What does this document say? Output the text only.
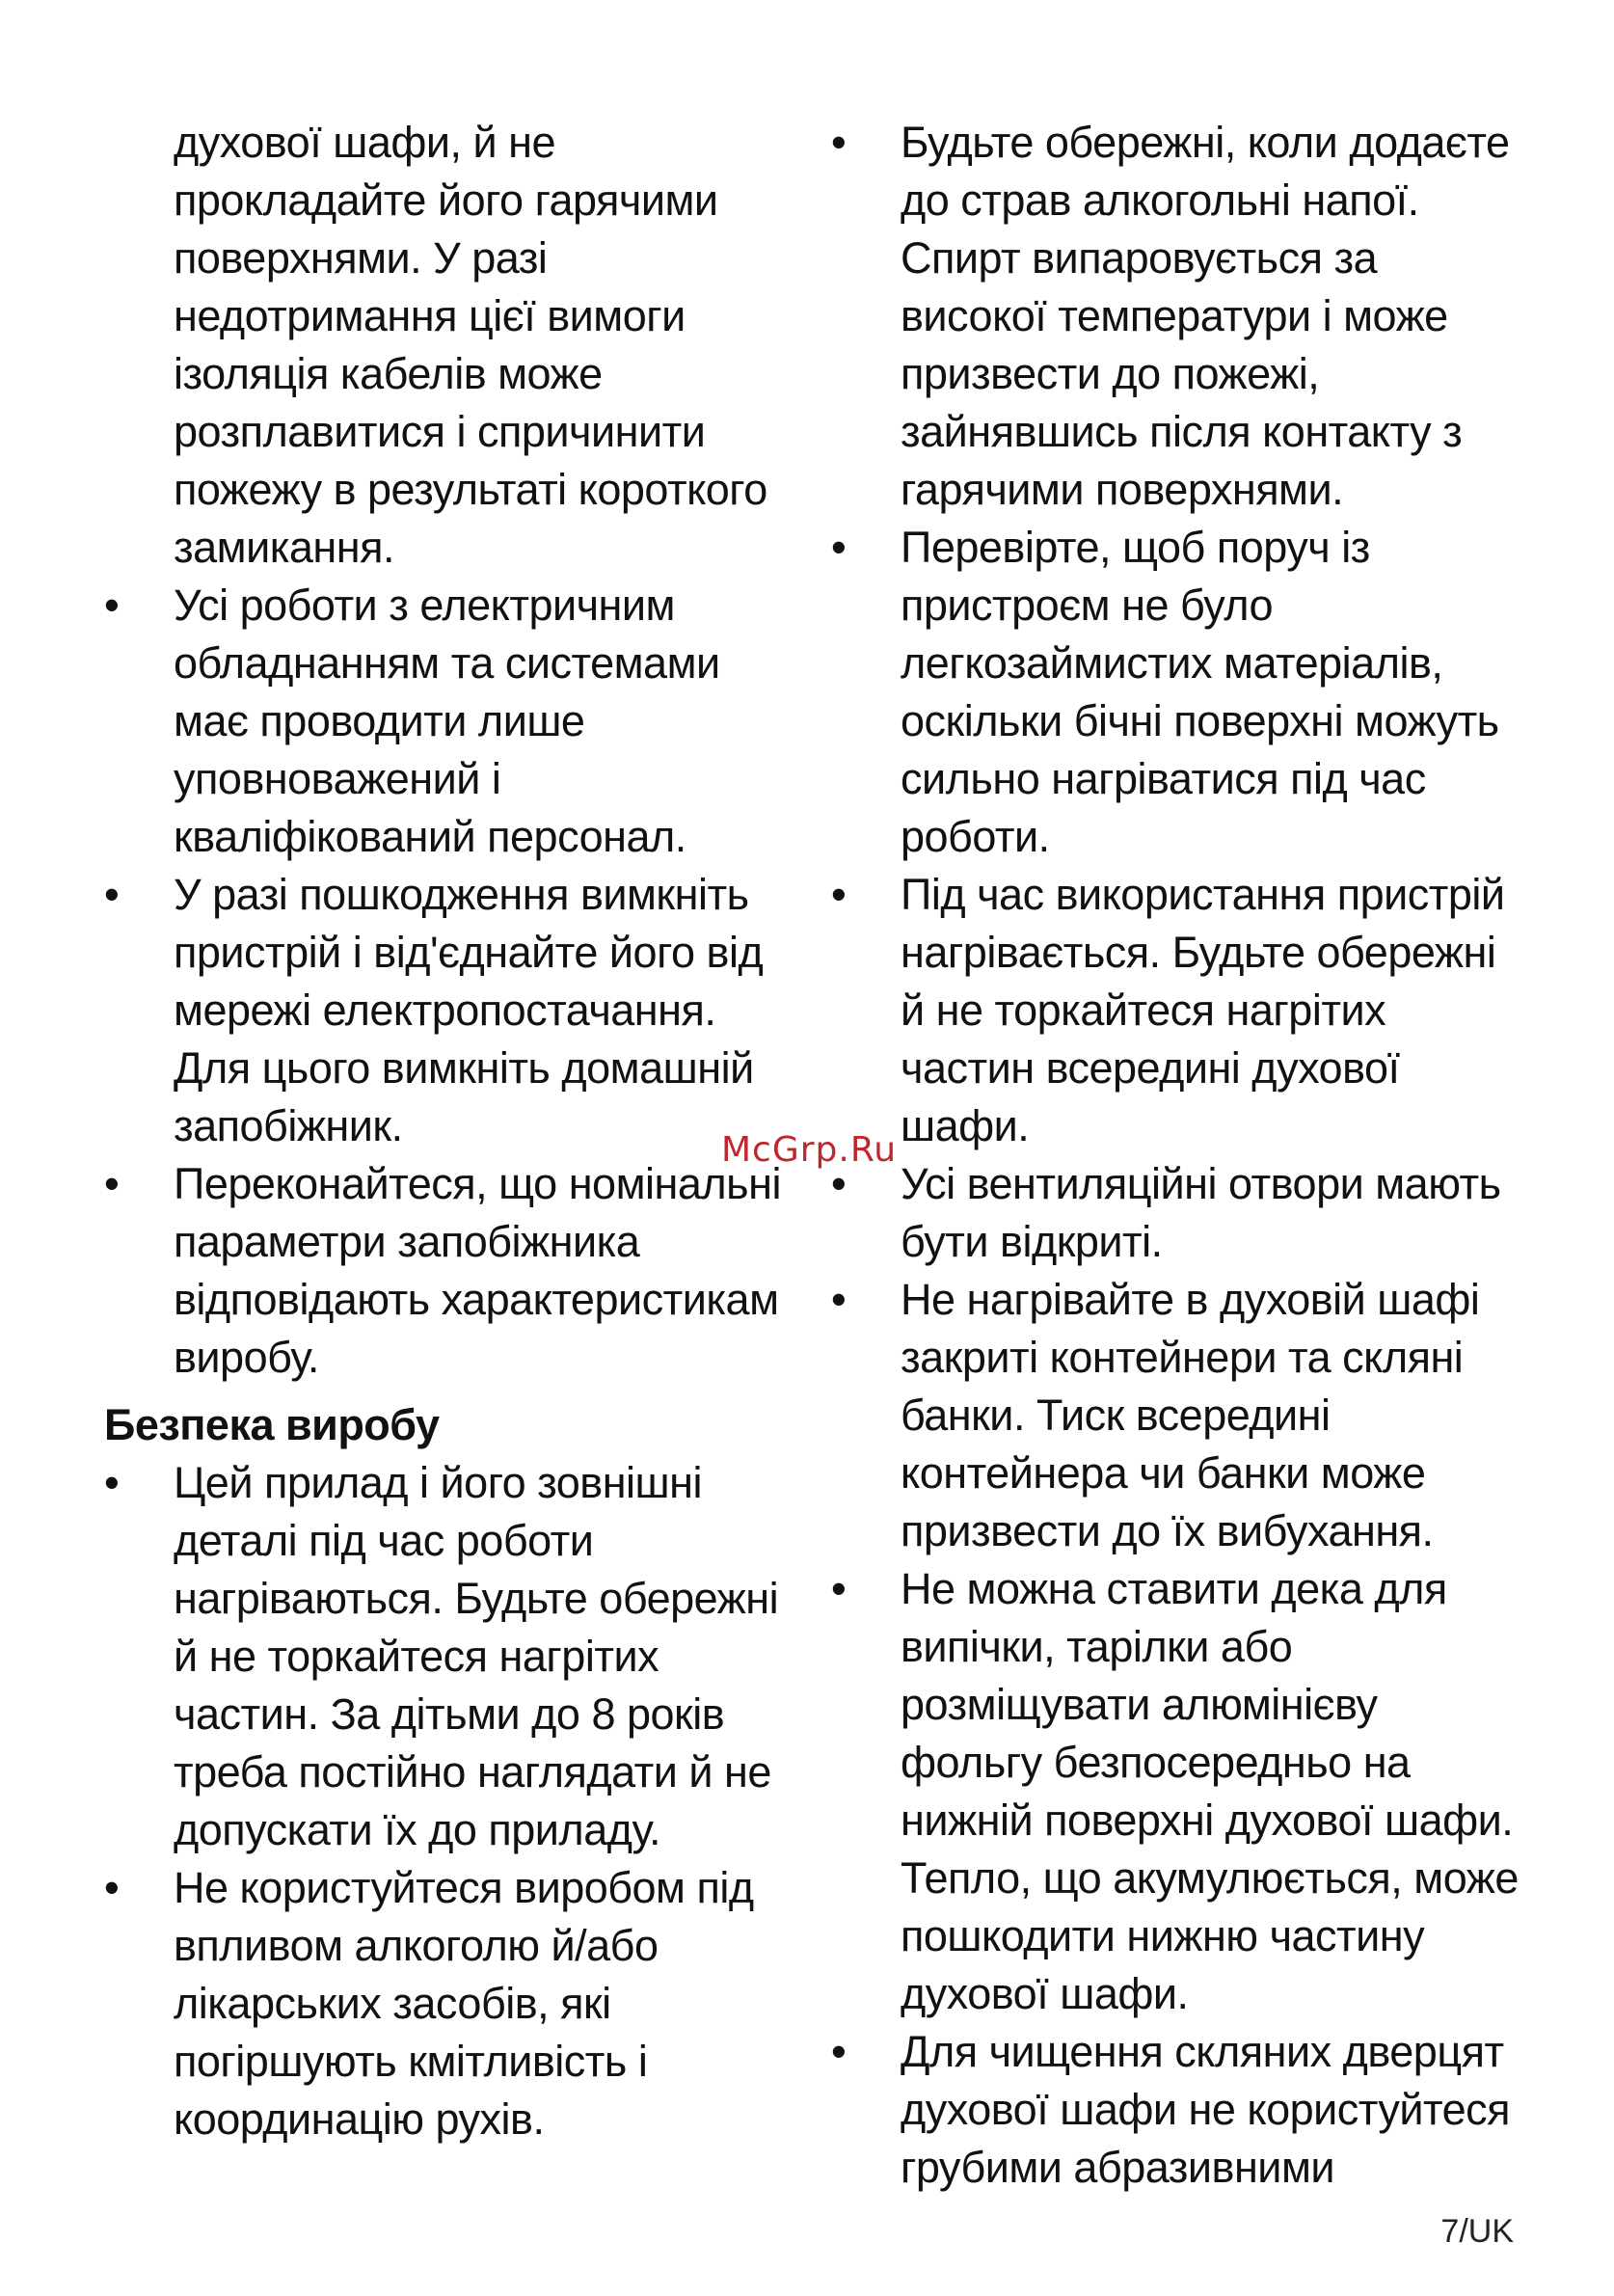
духової шафи, й не прокладайте його гарячими поверхнями. У разі недотримання цієї вимоги ізоляція кабелів може розплавитися і спричинити пожежу в результаті короткого замикання.

•	Усі роботи з електричним обладнанням та системами має проводити лише уповноважений і кваліфікований персонал.
•	У разі пошкодження вимкніть пристрій і від'єднайте його від мережі електропостачання. Для цього вимкніть домашній запобіжник.
•	Переконайтеся, що номінальні параметри запобіжника відповідають характеристикам виробу.
Безпека виробу
•	Цей прилад і його зовнішні деталі під час роботи нагріваються. Будьте обережні й не торкайтеся нагрітих частин. За дітьми до 8 років треба постійно наглядати й не допускати їх до приладу.
•	Не користуйтеся виробом під впливом алкоголю й/або лікарських засобів, які погіршують кмітливість і координацію рухів.
•	Будьте обережні, коли додаєте до страв алкогольні напої. Спирт випаровується за високої температури і може призвести до пожежі, зайнявшись після контакту з гарячими поверхнями.
•	Перевірте, щоб поруч із пристроєм не було легкозаймистих матеріалів, оскільки бічні поверхні можуть сильно нагріватися під час роботи.
•	Під час використання пристрій нагрівається. Будьте обережні й не торкайтеся нагрітих частин всередині духової шафи.
•	Усі вентиляційні отвори мають бути відкриті.
•	Не нагрівайте в духовій шафі закриті контейнери та скляні банки. Тиск всередині контейнера чи банки може призвести до їх вибухання.
•	Не можна ставити дека для випічки, тарілки або розміщувати алюмінієву фольгу безпосередньо на нижній поверхні духової шафи. Тепло, що акумулюється, може пошкодити нижню частину духової шафи.
•	Для чищення скляних дверцят духової шафи не користуйтеся грубими абразивними
McGrp.Ru
7/UK
